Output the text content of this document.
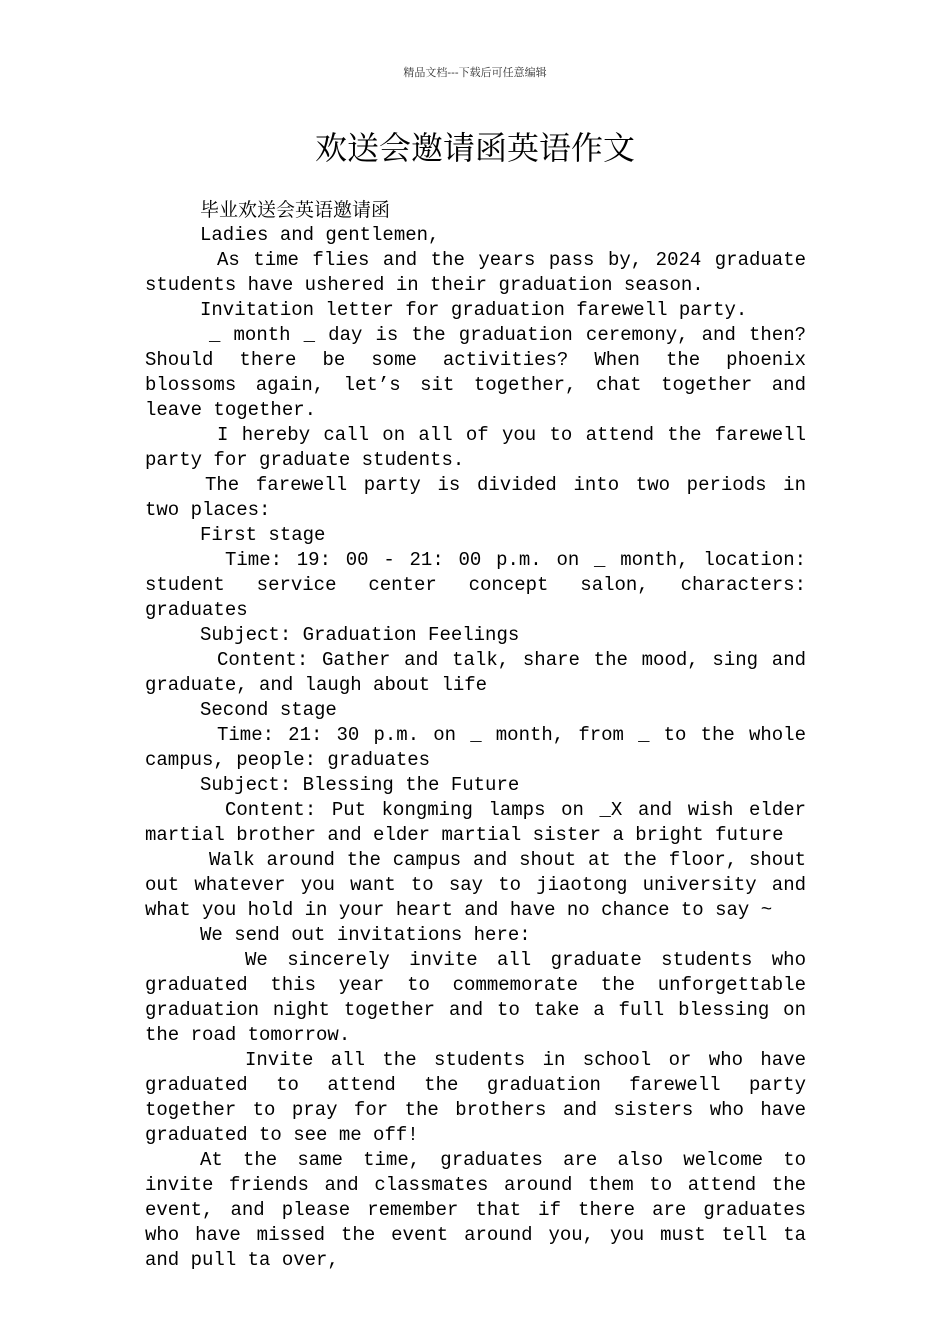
精品文档---下载后可任意编辑
欢送会邀请函英语作文

毕业欢送会英语邀请函

Ladies and gentlemen,

As time flies and the years pass by, 2024 graduate students have ushered in their graduation season.

Invitation letter for graduation farewell party.

_ month _ day is the graduation ceremony, and then? Should there be some activities? When the phoenix blossoms again, let’s sit together, chat together and leave together.

I hereby call on all of you to attend the farewell party for graduate students.

The farewell party is divided into two periods in two places:

First stage

Time: 19: 00 - 21: 00 p.m. on _ month, location: student service center concept salon, characters: graduates

Subject: Graduation Feelings

Content: Gather and talk, share the mood, sing and graduate, and laugh about life

Second stage

Time: 21: 30 p.m. on _ month, from _ to the whole campus, people: graduates

Subject: Blessing the Future

Content: Put kongming lamps on _X and wish elder martial brother and elder martial sister a bright future

Walk around the campus and shout at the floor, shout out whatever you want to say to jiaotong university and what you hold in your heart and have no chance to say ~

We send out invitations here:

We sincerely invite all graduate students who graduated this year to commemorate the unforgettable graduation night together and to take a full blessing on the road tomorrow.

Invite all the students in school or who have graduated to attend the graduation farewell party together to pray for the brothers and sisters who have graduated to see me off!

At the same time, graduates are also welcome to invite friends and classmates around them to attend the event, and please remember that if there are graduates who have missed the event around you, you must tell ta and pull ta over,
